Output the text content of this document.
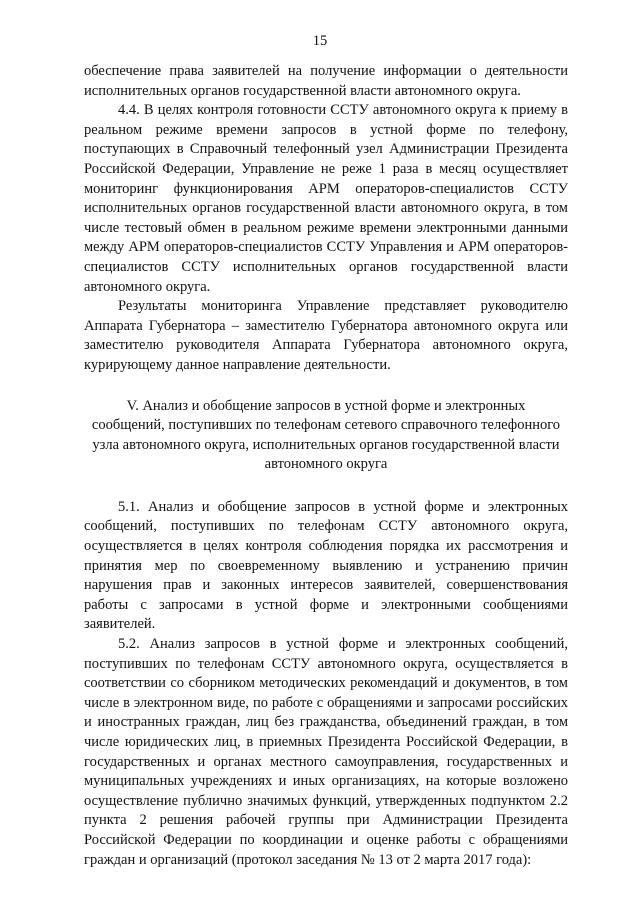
15

обеспечение права заявителей на получение информации о деятельности исполнительных органов государственной власти автономного округа.

4.4. В целях контроля готовности ССТУ автономного округа к приему в реальном режиме времени запросов в устной форме по телефону, поступающих в Справочный телефонный узел Администрации Президента Российской Федерации, Управление не реже 1 раза в месяц осуществляет мониторинг функционирования АРМ операторов-специалистов ССТУ исполнительных органов государственной власти автономного округа, в том числе тестовый обмен в реальном режиме времени электронными данными между АРМ операторов-специалистов ССТУ Управления и АРМ операторов-специалистов ССТУ исполнительных органов государственной власти автономного округа.

Результаты мониторинга Управление представляет руководителю Аппарата Губернатора – заместителю Губернатора автономного округа или заместителю руководителя Аппарата Губернатора автономного округа, курирующему данное направление деятельности.

V. Анализ и обобщение запросов в устной форме и электронных сообщений, поступивших по телефонам сетевого справочного телефонного узла автономного округа, исполнительных органов государственной власти автономного округа

5.1. Анализ и обобщение запросов в устной форме и электронных сообщений, поступивших по телефонам ССТУ автономного округа, осуществляется в целях контроля соблюдения порядка их рассмотрения и принятия мер по своевременному выявлению и устранению причин нарушения прав и законных интересов заявителей, совершенствования работы с запросами в устной форме и электронными сообщениями заявителей.

5.2. Анализ запросов в устной форме и электронных сообщений, поступивших по телефонам ССТУ автономного округа, осуществляется в соответствии со сборником методических рекомендаций и документов, в том числе в электронном виде, по работе с обращениями и запросами российских и иностранных граждан, лиц без гражданства, объединений граждан, в том числе юридических лиц, в приемных Президента Российской Федерации, в государственных и органах местного самоуправления, государственных и муниципальных учреждениях и иных организациях, на которые возложено осуществление публично значимых функций, утвержденных подпунктом 2.2 пункта 2 решения рабочей группы при Администрации Президента Российской Федерации по координации и оценке работы с обращениями граждан и организаций (протокол заседания № 13 от 2 марта 2017 года):
